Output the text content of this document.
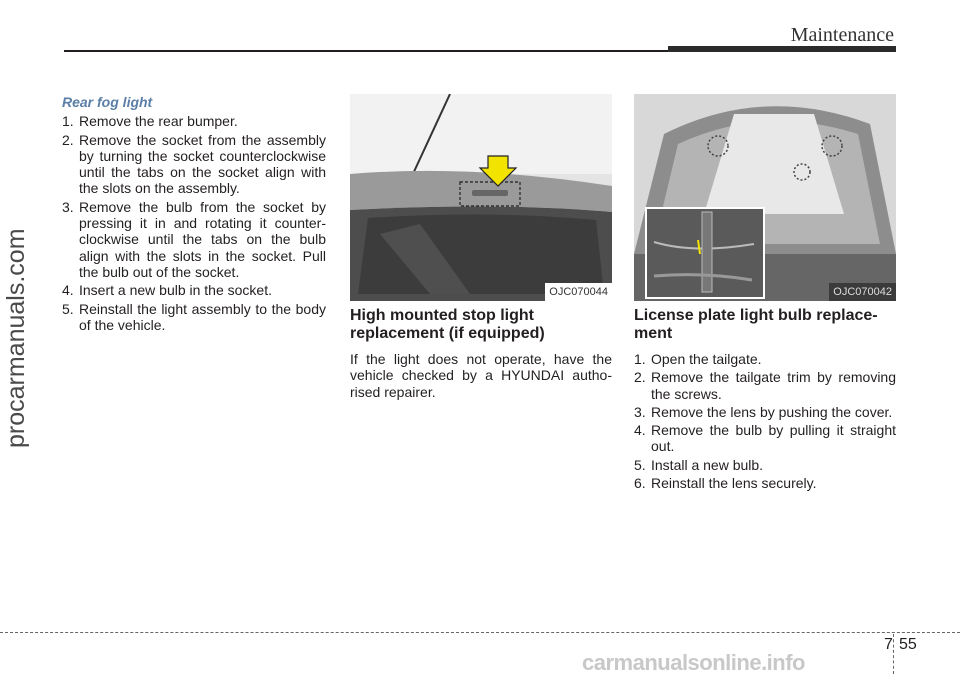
Maintenance
procarmanuals.com
Rear fog light
1. Remove the rear bumper.
2. Remove the socket from the assembly by turning the socket counterclockwise until the tabs on the socket align with the slots on the assembly.
3. Remove the bulb from the socket by pressing it in and rotating it counter-clockwise until the tabs on the bulb align with the slots in the socket. Pull the bulb out of the socket.
4. Insert a new bulb in the socket.
5. Reinstall the light assembly to the body of the vehicle.
OJC070044
High mounted stop light replacement (if equipped)
If the light does not operate, have the vehicle checked by a HYUNDAI autho-rised repairer.
OJC070042
License plate light bulb replace-ment
1. Open the tailgate.
2. Remove the tailgate trim by removing the screws.
3. Remove the lens by pushing the cover.
4. Remove the bulb by pulling it straight out.
5. Install a new bulb.
6. Reinstall the lens securely.
7 55
carmanualsonline.info
